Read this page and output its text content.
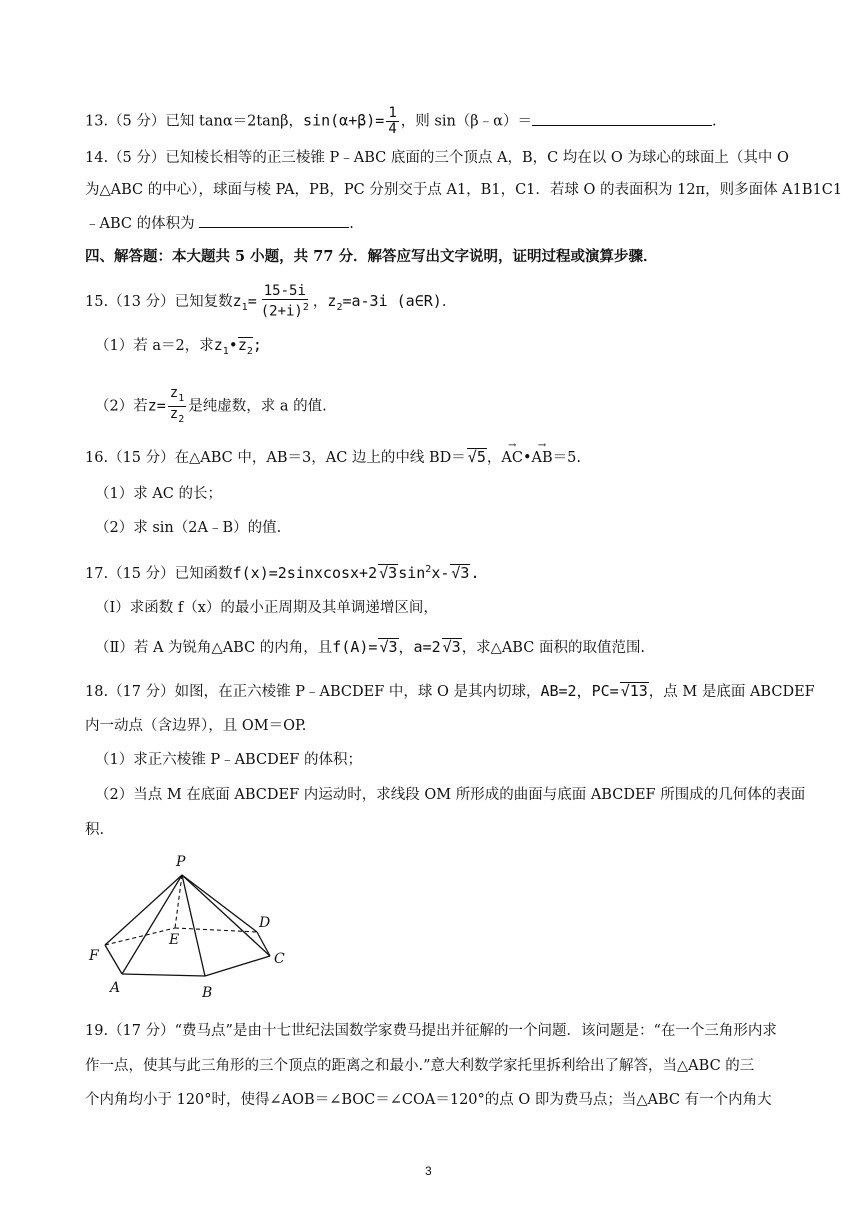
13.（5 分）已知 tanα＝2tanβ，$\sin(\alpha+\beta)= \frac{1}{4}$ ，则 sin（β﹣α）＝	.
14.（5 分）已知棱长相等的正三棱锥 P﹣ABC 底面的三个顶点 A，B，C 均在以 O 为球心的球面上（其中 O
为△ABC 的中心），球面与棱 PA，PB，PC 分别交于点 A1，B1，C1．若球 O 的表面积为 12π，则多面体 A1B1C1
﹣ABC 的体积为	.
四、解答题：本大题共 5 小题，共 77 分．解答应写出文字说明，证明过程或演算步骤．
15.（13 分）已知复数$z_1= \frac{15-5i}{(2+i)^2}$ ，$z_2=a-3i$ (a∈R).
（1）若 a＝2，求$z_1•z_2$;
（2）若$z= \frac{z_1}{z_2}$ 是纯虚数，求 a 的值.
16.（15 分）在△ABC 中，AB＝3，AC 边上的中线 BD＝ √5，→ AC•→ AB＝5.
（1）求 AC 的长；
（2）求 sin（2A﹣B）的值.
17.（15 分）已知函数f(x)=2sinxcosx+2 $√3\sin^2x-$ √3.
（Ⅰ）求函数 f（x）的最小正周期及其单调递增区间，
（Ⅱ）若 A 为锐角△ABC 的内角，且f(A)= √3，a=2 √3，求△ABC 面积的取值范围.
18.（17 分）如图，在正六棱锥 P﹣ABCDEF 中，球 O 是其内切球，AB=2，PC= √13，点 M 是底面 ABCDEF
内一动点（含边界），且 OM＝OP.
（1）求正六棱锥 P﹣ABCDEF 的体积；
（2）当点 M 在底面 ABCDEF 内运动时，求线段 OM 所形成的曲面与底面 ABCDEF 所围成的几何体的表面
积.
P
D
E
F	C
A	B
19.（17 分）“费马点”是由十七世纪法国数学家费马提出并征解的一个问题．该问题是：“在一个三角形内求
作一点，使其与此三角形的三个顶点的距离之和最小.”意大利数学家托里拆利给出了解答，当△ABC 的三
个内角均小于 120°时，使得∠AOB＝∠BOC＝∠COA＝120°的点 O 即为费马点；当△ABC 有一个内角大
3
